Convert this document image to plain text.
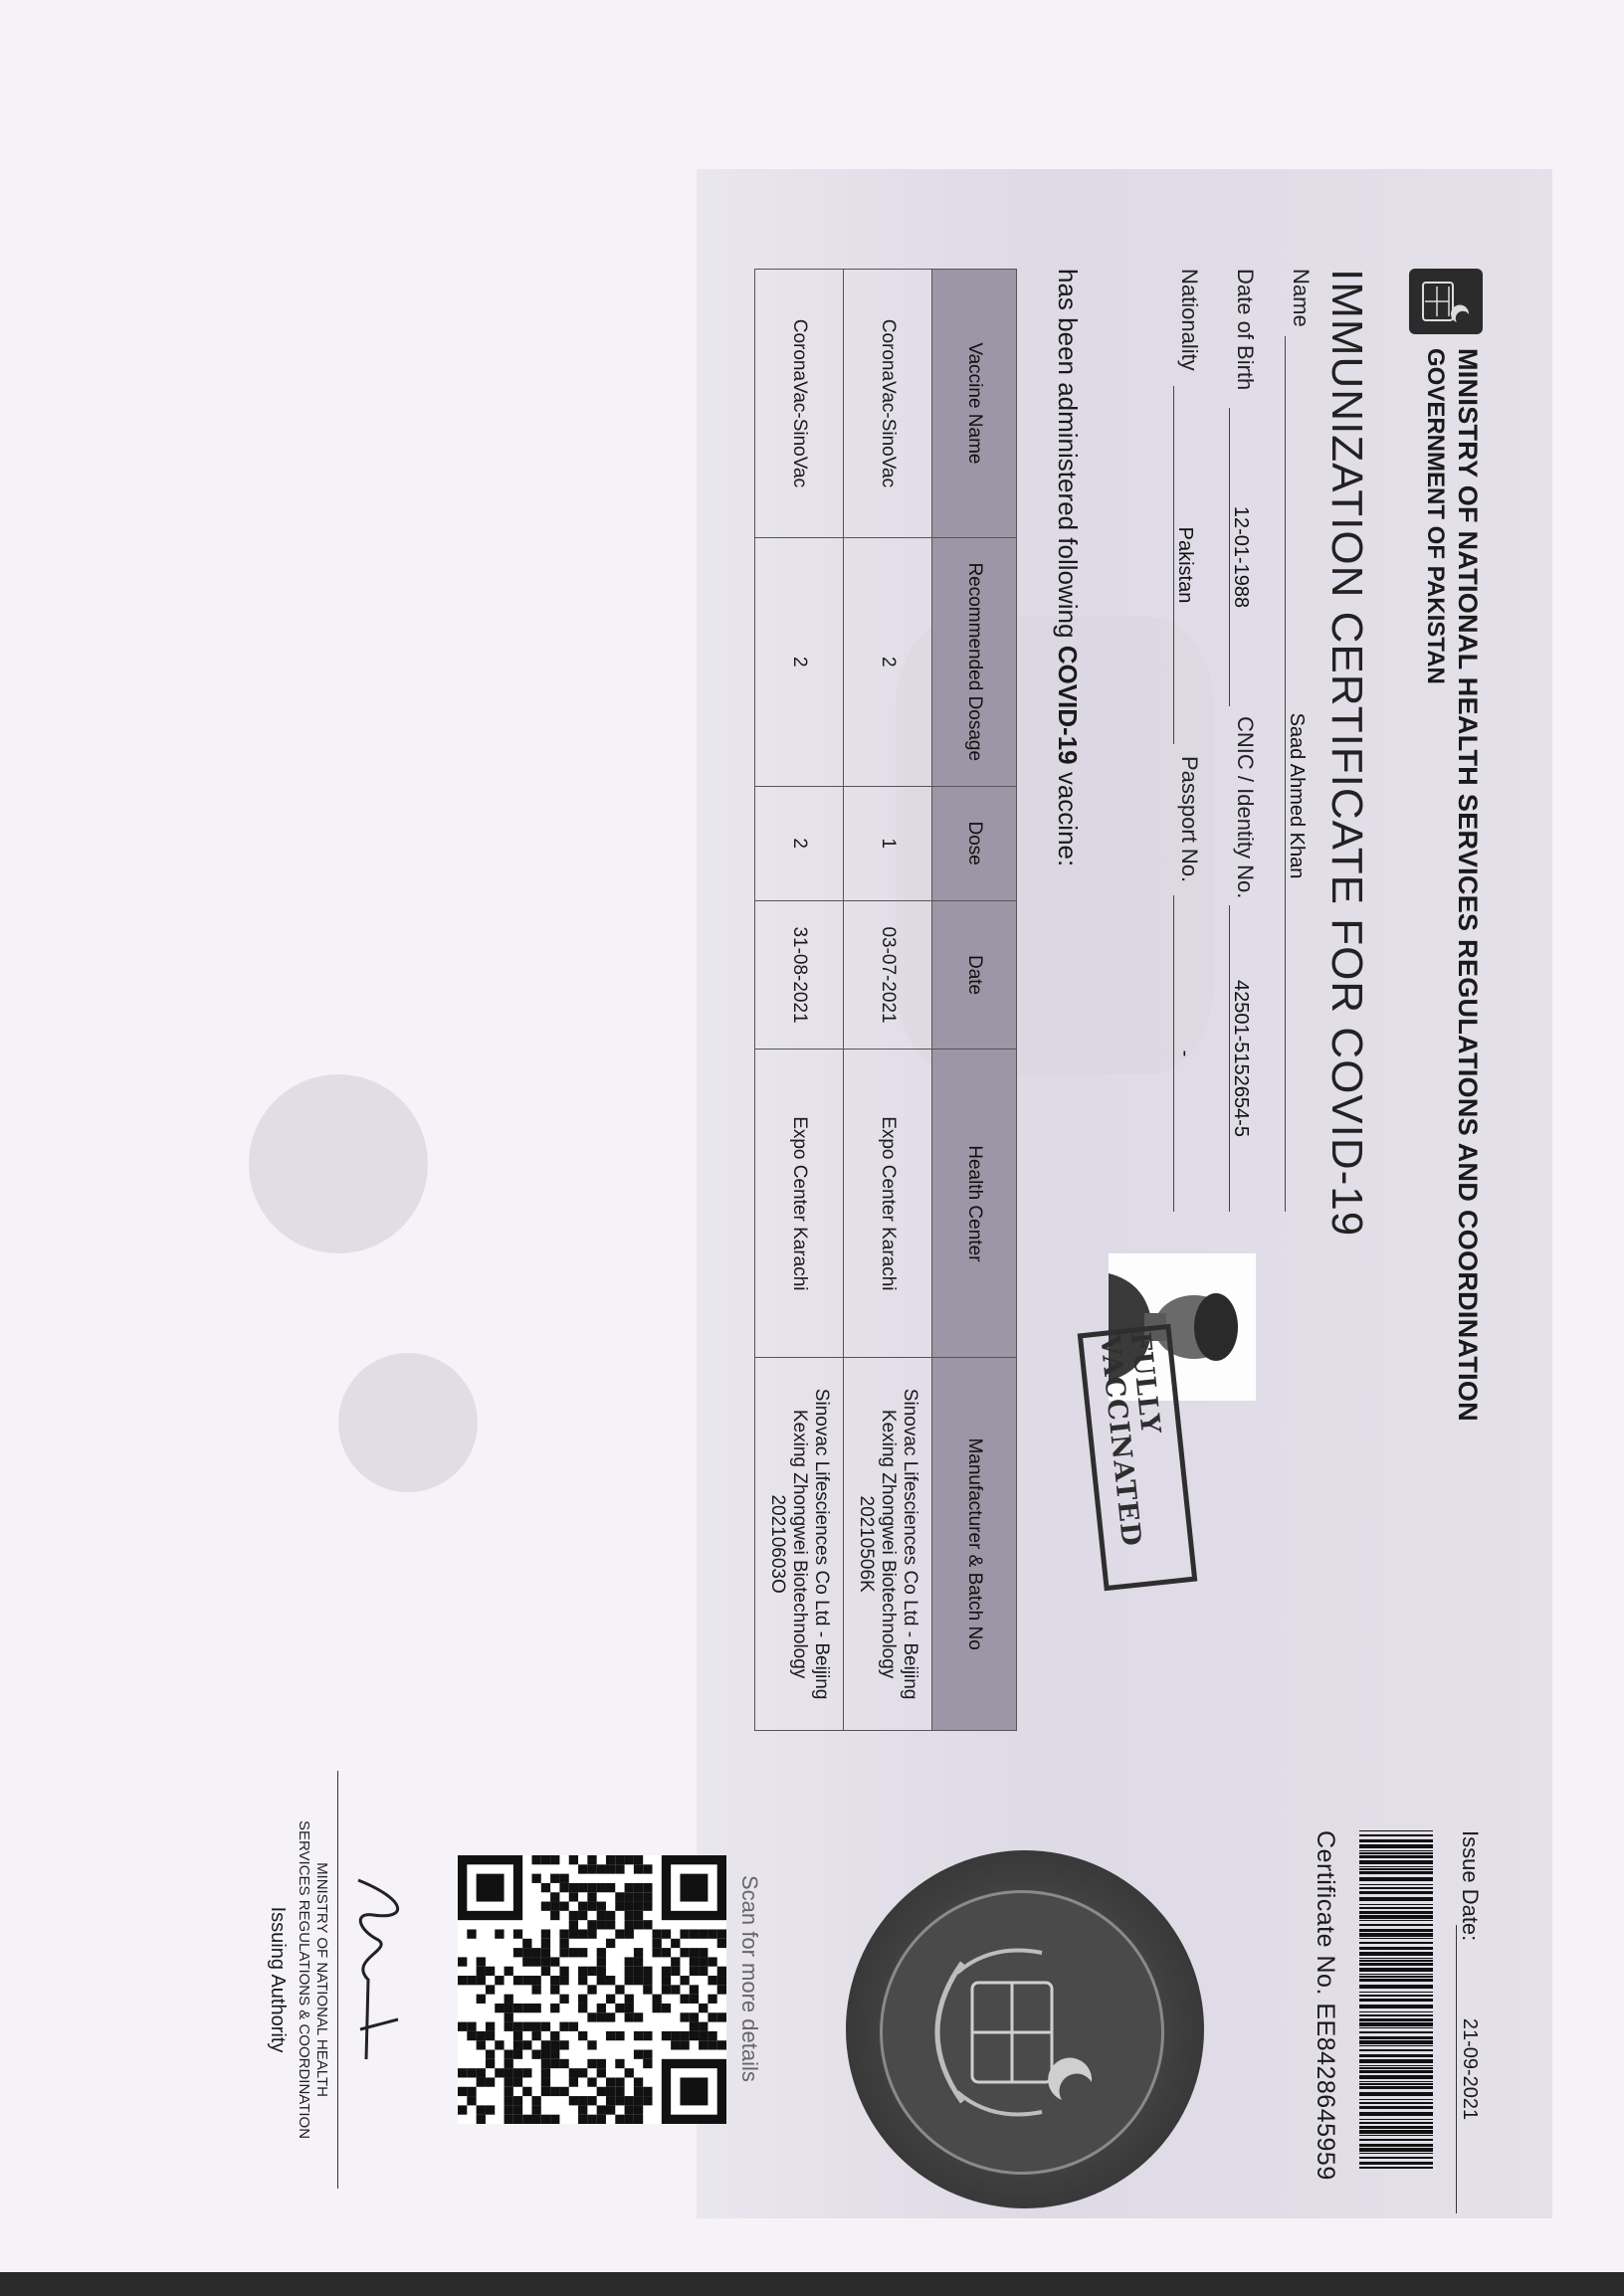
MINISTRY OF NATIONAL HEALTH SERVICES REGULATIONS AND COORDINATION
GOVERNMENT OF PAKISTAN
IMMUNIZATION CERTIFICATE FOR COVID-19
Name
Saad Ahmed Khan
Date of Birth
12-01-1988
CNIC / Identity No.
42501-5152654-5
Nationality
Pakistan
Passport No.
-
has been administered following COVID-19 vaccine:
FULLY VACCINATED
Vaccine Name	Recommended Dosage	Dose	Date	Health Center	Manufacturer & Batch No
CoronaVac-SinoVac	2	1	03-07-2021	Expo Center Karachi	Sinovac Lifesciences Co Ltd - Beijing Kexing Zhongwei Biotechnology 20210506K
CoronaVac-SinoVac	2	2	31-08-2021	Expo Center Karachi	Sinovac Lifesciences Co Ltd - Beijing Kexing Zhongwei Biotechnology 20210603O
Issue Date:
21-09-2021
Certificate No. EE8428645959
Scan for more details
MINISTRY OF NATIONAL HEALTH
SERVICES REGULATIONS & COORDINATION
Issuing Authority
